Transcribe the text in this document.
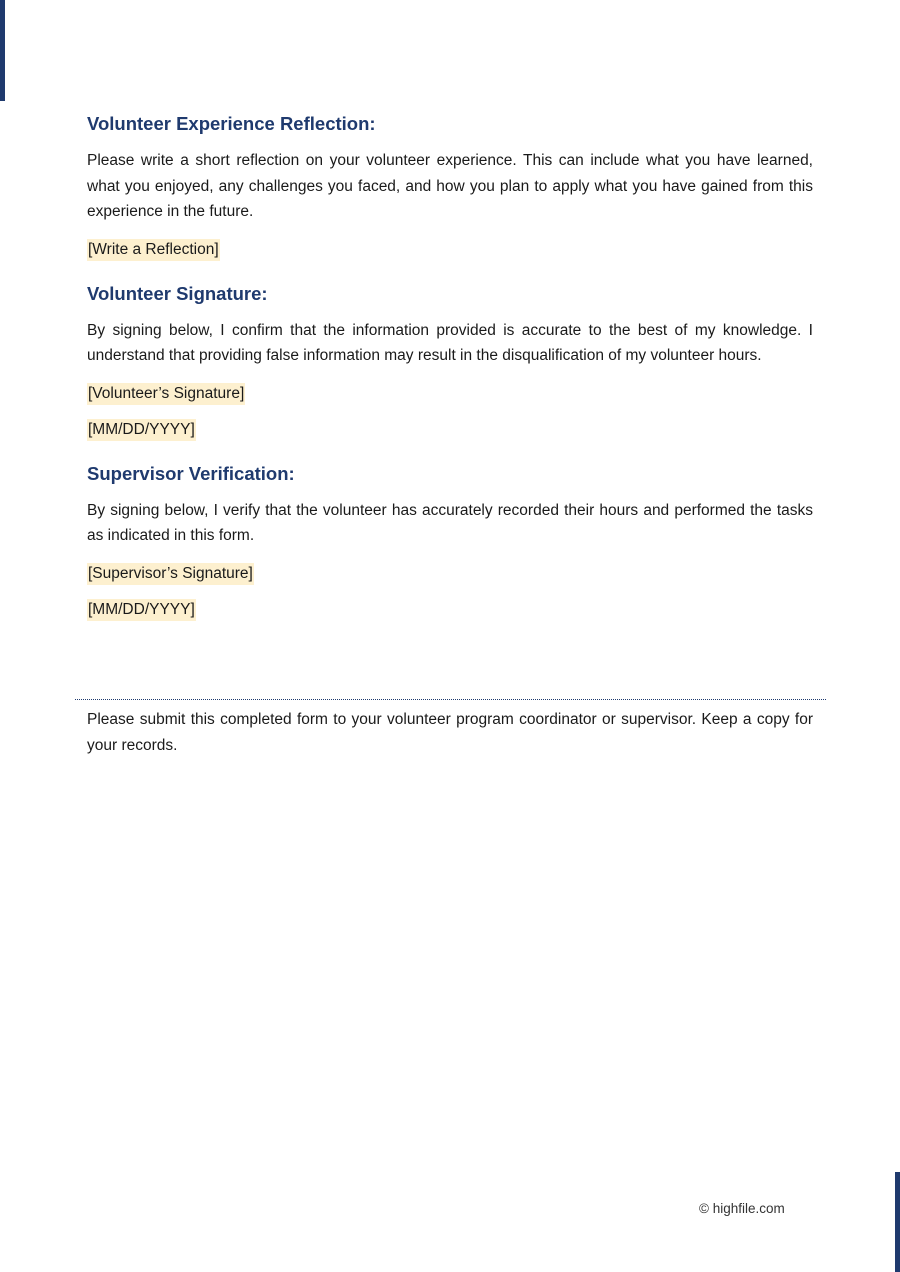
Volunteer Experience Reflection:

Please write a short reflection on your volunteer experience. This can include what you have learned, what you enjoyed, any challenges you faced, and how you plan to apply what you have gained from this experience in the future.

[Write a Reflection]
Volunteer Signature:

By signing below, I confirm that the information provided is accurate to the best of my knowledge. I understand that providing false information may result in the disqualification of my volunteer hours.

[Volunteer’s Signature]
[MM/DD/YYYY]
Supervisor Verification:

By signing below, I verify that the volunteer has accurately recorded their hours and performed the tasks as indicated in this form.

[Supervisor’s Signature]
[MM/DD/YYYY]

Please submit this completed form to your volunteer program coordinator or supervisor. Keep a copy for your records.

© highfile.com
